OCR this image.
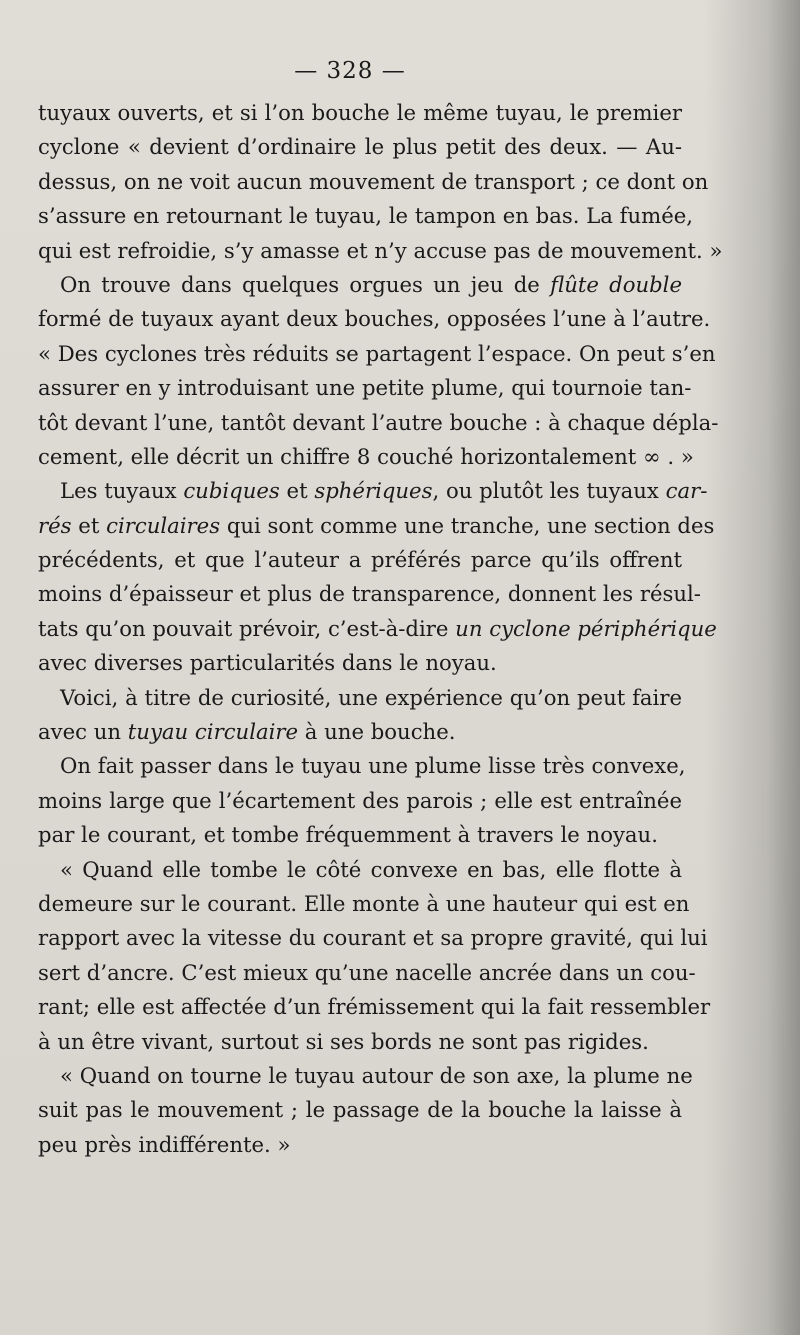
— 328 —
tuyaux ouverts, et si l’on bouche le même tuyau, le premier
cyclone « devient d’ordinaire le plus petit des deux. — Au-
dessus, on ne voit aucun mouvement de transport ; ce dont on
s’assure en retournant le tuyau, le tampon en bas. La fumée,
qui est refroidie, s’y amasse et n’y accuse pas de mouvement. »
On trouve dans quelques orgues un jeu de flûte double
formé de tuyaux ayant deux bouches, opposées l’une à l’autre.
« Des cyclones très réduits se partagent l’espace. On peut s’en
assurer en y introduisant une petite plume, qui tournoie tan-
tôt devant l’une, tantôt devant l’autre bouche : à chaque dépla-
cement, elle décrit un chiffre 8 couché horizontalement ∞ . »
Les tuyaux cubiques et sphériques, ou plutôt les tuyaux car-
rés et circulaires qui sont comme une tranche, une section des
précédents, et que l’auteur a préférés parce qu’ils offrent
moins d’épaisseur et plus de transparence, donnent les résul-
tats qu’on pouvait prévoir, c’est-à-dire un cyclone périphérique
avec diverses particularités dans le noyau.
Voici, à titre de curiosité, une expérience qu’on peut faire
avec un tuyau circulaire à une bouche.
On fait passer dans le tuyau une plume lisse très convexe,
moins large que l’écartement des parois ; elle est entraînée
par le courant, et tombe fréquemment à travers le noyau.
« Quand elle tombe le côté convexe en bas, elle flotte à
demeure sur le courant. Elle monte à une hauteur qui est en
rapport avec la vitesse du courant et sa propre gravité, qui lui
sert d’ancre. C’est mieux qu’une nacelle ancrée dans un cou-
rant; elle est affectée d’un frémissement qui la fait ressembler
à un être vivant, surtout si ses bords ne sont pas rigides.
« Quand on tourne le tuyau autour de son axe, la plume ne
suit pas le mouvement ; le passage de la bouche la laisse à
peu près indifférente. »
